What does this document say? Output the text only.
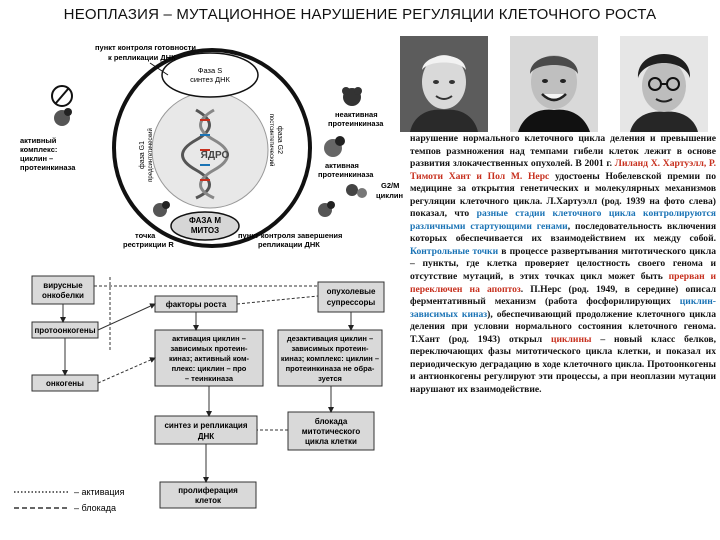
НЕОПЛАЗИЯ – МУТАЦИОННОЕ НАРУШЕНИЕ РЕГУЛЯЦИИ КЛЕТОЧНОГО РОСТА
Фаза S
синтез ДНК
ФАЗА М
МИТОЗ
ЯДРО
фаза G1 предсинтетический	фаза G2
постсинтетический
пункт контроля готовности
к репликации ДНК
активный
комплекс:
циклин –
протеинкиназа
неактивная
протеинкиназа
активная
протеинкиназа
G2/M
циклин
точка
рестрикции R
пункт контроля завершения
репликации ДНК
вирусные
онкобелки
протоонкогены
онкогены
факторы роста
опухолевые
супрессоры
активация циклин –
зависимых протеин-
киназ; активный ком-
плекс: циклин – про
– теинкиназа
дезактивация циклин –
зависимых протеин-
киназ; комплекс: циклин –
протеинкиназа не обра-
зуется
синтез и репликация
ДНК
блокада
митотического
цикла клетки
пролиферация
клеток
– активация
– блокада
нарушение нормального клеточного цикла деления и превышение темпов размножения над темпами гибели клеток лежит в основе развития злокачественных опухолей. В 2001 г. Лиланд Х. Хартуэлл, Р. Тимоти Хант и Пол М. Нерс удостоены Нобелевской премии по медицине за открытия генетических и молекулярных механизмов регуляции клеточного цикла. Л.Хартуэлл (род. 1939 на фото слева) показал, что разные стадии клеточного цикла контролируются различными стартующими генами, последовательность включения которых обеспечивается их взаимодействием их между собой. Контрольные точки в процессе развертывания митотического цикла – пункты, где клетка проверяет целостность своего генома и отсутствие мутаций, в этих точках цикл может быть прерван и переключен на апоптоз. П.Нерс (род. 1949, в середине) описал ферментативный механизм (работа фосфорилирующих циклин-зависимых киназ), обеспечивающий продолжение клеточного цикла деления при условии нормального состояния клеточного генома. Т.Хант (род. 1943) открыл циклины – новый класс белков, переключающих фазы митотического цикла клетки, и показал их периодическую деградацию в ходе клеточного цикла. Протоонкогены и антионкогены регулируют эти процессы, а при неоплазии мутации нарушают их взаимодействие.
